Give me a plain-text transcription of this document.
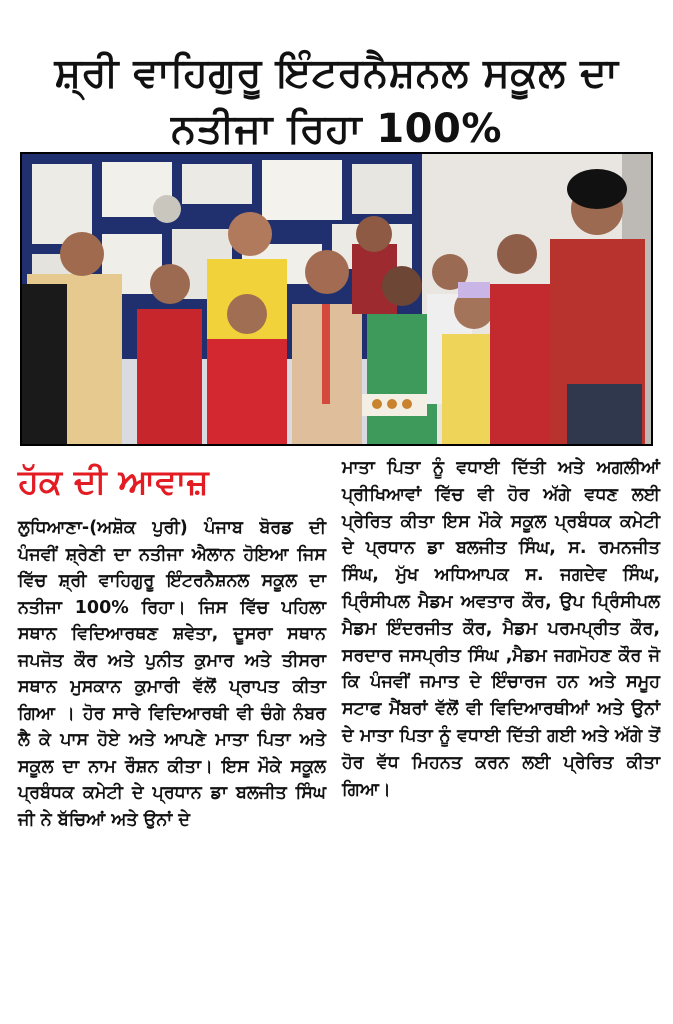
ਸ਼੍ਰੀ ਵਾਹਿਗੁਰੂ ਇੰਟਰਨੈਸ਼ਨਲ ਸਕੂਲ ਦਾ
ਨਤੀਜਾ ਰਿਹਾ 100%
ਹੱਕ ਦੀ ਆਵਾਜ਼

ਲੁਧਿਆਣਾ-(ਅਸ਼ੋਕ ਪੁਰੀ) ਪੰਜਾਬ ਬੋਰਡ ਦੀ ਪੰਜਵੀਂ ਸ਼੍ਰੇਣੀ ਦਾ ਨਤੀਜਾ ਐਲਾਨ ਹੋਇਆ ਜਿਸ ਵਿੱਚ ਸ਼੍ਰੀ ਵਾਹਿਗੁਰੂ ਇੰਟਰਨੈਸ਼ਨਲ ਸਕੂਲ ਦਾ ਨਤੀਜਾ 100% ਰਿਹਾ। ਜਿਸ ਵਿੱਚ ਪਹਿਲਾ ਸਥਾਨ ਵਿਦਿਆਰਥਣ ਸ਼ਵੇਤਾ, ਦੂਸਰਾ ਸਥਾਨ ਜਪਜੋਤ ਕੌਰ ਅਤੇ ਪੁਨੀਤ ਕੁਮਾਰ ਅਤੇ ਤੀਸਰਾ ਸਥਾਨ ਮੁਸਕਾਨ ਕੁਮਾਰੀ ਵੱਲੋਂ ਪ੍ਰਾਪਤ ਕੀਤਾ ਗਿਆ । ਹੋਰ ਸਾਰੇ ਵਿਦਿਆਰਥੀ ਵੀ ਚੰਗੇ ਨੰਬਰ ਲੈ ਕੇ ਪਾਸ ਹੋਏ ਅਤੇ ਆਪਣੇ ਮਾਤਾ ਪਿਤਾ ਅਤੇ ਸਕੂਲ ਦਾ ਨਾਮ ਰੌਸ਼ਨ ਕੀਤਾ। ਇਸ ਮੌਕੇ ਸਕੂਲ ਪ੍ਰਬੰਧਕ ਕਮੇਟੀ ਦੇ ਪ੍ਰਧਾਨ ਡਾ ਬਲਜੀਤ ਸਿੰਘ ਜੀ ਨੇ ਬੱਚਿਆਂ ਅਤੇ ਉਨਾਂ ਦੇ

ਮਾਤਾ ਪਿਤਾ ਨੂੰ ਵਧਾਈ ਦਿੱਤੀ ਅਤੇ ਅਗਲੀਆਂ ਪ੍ਰੀਖਿਆਵਾਂ ਵਿੱਚ ਵੀ ਹੋਰ ਅੱਗੇ ਵਧਣ ਲਈ ਪ੍ਰੇਰਿਤ ਕੀਤਾ ਇਸ ਮੌਕੇ ਸਕੂਲ ਪ੍ਰਬੰਧਕ ਕਮੇਟੀ ਦੇ ਪ੍ਰਧਾਨ ਡਾ ਬਲਜੀਤ ਸਿੰਘ, ਸ. ਰਮਨਜੀਤ ਸਿੰਘ, ਮੁੱਖ ਅਧਿਆਪਕ ਸ. ਜਗਦੇਵ ਸਿੰਘ, ਪ੍ਰਿੰਸੀਪਲ ਮੈਡਮ ਅਵਤਾਰ ਕੌਰ, ਉਪ ਪ੍ਰਿੰਸੀਪਲ ਮੈਡਮ ਇੰਦਰਜੀਤ ਕੌਰ, ਮੈਡਮ ਪਰਮਪ੍ਰੀਤ ਕੌਰ, ਸਰਦਾਰ ਜਸਪ੍ਰੀਤ ਸਿੰਘ ,ਮੈਡਮ ਜਗਮੋਹਣ ਕੌਰ ਜੋ ਕਿ ਪੰਜਵੀਂ ਜਮਾਤ ਦੇ ਇੰਚਾਰਜ ਹਨ ਅਤੇ ਸਮੂਹ ਸਟਾਫ ਮੈਂਬਰਾਂ ਵੱਲੋਂ ਵੀ ਵਿਦਿਆਰਥੀਆਂ ਅਤੇ ਉਨਾਂ ਦੇ ਮਾਤਾ ਪਿਤਾ ਨੂੰ ਵਧਾਈ ਦਿੱਤੀ ਗਈ ਅਤੇ ਅੱਗੇ ਤੋਂ ਹੋਰ ਵੱਧ ਮਿਹਨਤ ਕਰਨ ਲਈ ਪ੍ਰੇਰਿਤ ਕੀਤਾ ਗਿਆ।
